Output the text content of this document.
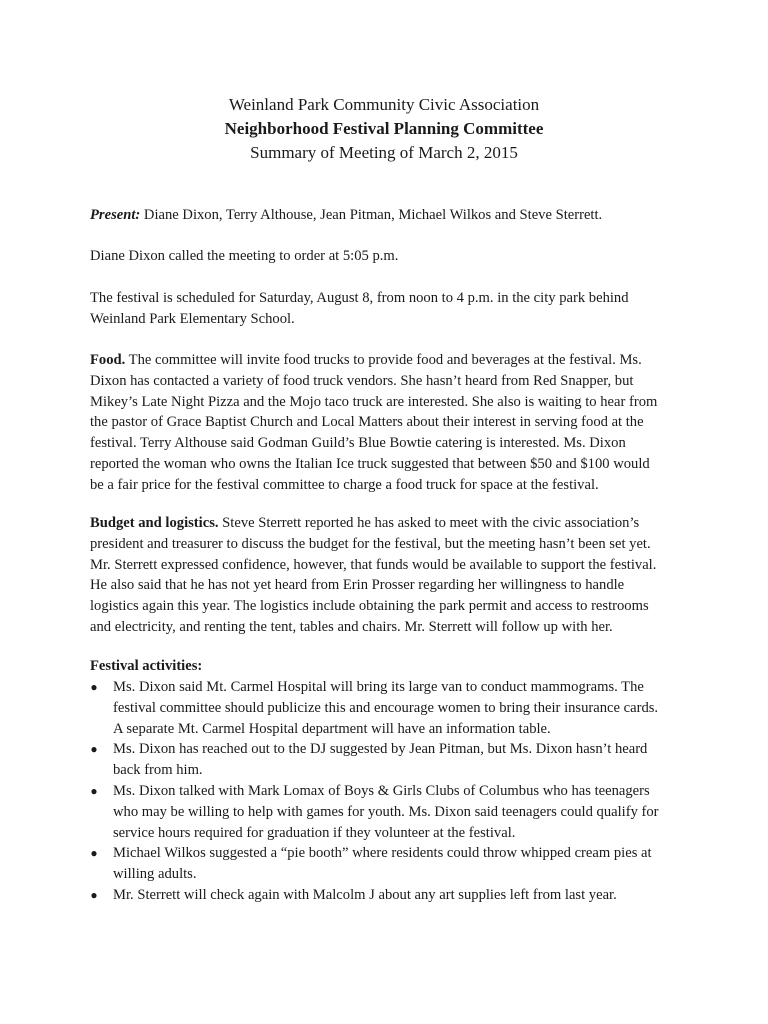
Weinland Park Community Civic Association
Neighborhood Festival Planning Committee
Summary of Meeting of March 2, 2015
Present: Diane Dixon, Terry Althouse, Jean Pitman, Michael Wilkos and Steve Sterrett.
Diane Dixon called the meeting to order at 5:05 p.m.
The festival is scheduled for Saturday, August 8, from noon to 4 p.m. in the city park behind
Weinland Park Elementary School.
Food. The committee will invite food trucks to provide food and beverages at the festival. Ms.
Dixon has contacted a variety of food truck vendors. She hasn’t heard from Red Snapper, but
Mikey’s Late Night Pizza and the Mojo taco truck are interested. She also is waiting to hear from
the pastor of Grace Baptist Church and Local Matters about their interest in serving food at the
festival. Terry Althouse said Godman Guild’s Blue Bowtie catering is interested. Ms. Dixon
reported the woman who owns the Italian Ice truck suggested that between $50 and $100 would
be a fair price for the festival committee to charge a food truck for space at the festival.
Budget and logistics. Steve Sterrett reported he has asked to meet with the civic association’s
president and treasurer to discuss the budget for the festival, but the meeting hasn’t been set yet.
Mr. Sterrett expressed confidence, however, that funds would be available to support the festival.
He also said that he has not yet heard from Erin Prosser regarding her willingness to handle
logistics again this year. The logistics include obtaining the park permit and access to restrooms
and electricity, and renting the tent, tables and chairs. Mr. Sterrett will follow up with her.
Festival activities:
● Ms. Dixon said Mt. Carmel Hospital will bring its large van to conduct mammograms. The
festival committee should publicize this and encourage women to bring their insurance cards.
A separate Mt. Carmel Hospital department will have an information table.
● Ms. Dixon has reached out to the DJ suggested by Jean Pitman, but Ms. Dixon hasn’t heard
back from him.
● Ms. Dixon talked with Mark Lomax of Boys & Girls Clubs of Columbus who has teenagers
who may be willing to help with games for youth. Ms. Dixon said teenagers could qualify for
service hours required for graduation if they volunteer at the festival.
● Michael Wilkos suggested a “pie booth” where residents could throw whipped cream pies at
willing adults.
● Mr. Sterrett will check again with Malcolm J about any art supplies left from last year.
